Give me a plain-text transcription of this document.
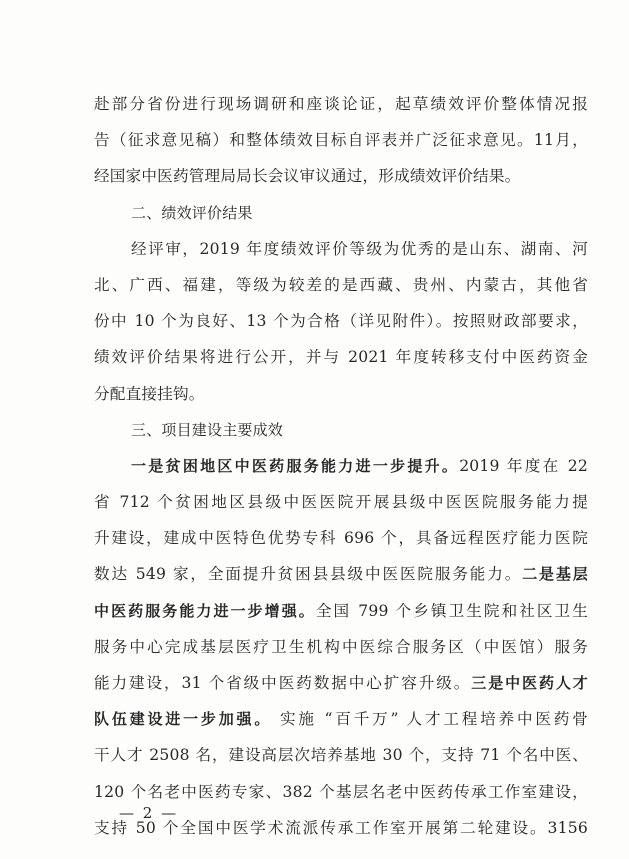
赴部分省份进行现场调研和座谈论证，起草绩效评价整体情况报
告（征求意见稿）和整体绩效目标自评表并广泛征求意见。11月，
经国家中医药管理局局长会议审议通过，形成绩效评价结果。
二、绩效评价结果
经评审，2019 年度绩效评价等级为优秀的是山东、湖南、河
北、广西、福建，等级为较差的是西藏、贵州、内蒙古，其他省
份中 10 个为良好、13 个为合格（详见附件）。按照财政部要求，
绩效评价结果将进行公开，并与 2021 年度转移支付中医药资金
分配直接挂钩。
三、项目建设主要成效
一是贫困地区中医药服务能力进一步提升。2019 年度在 22
省 712 个贫困地区县级中医医院开展县级中医医院服务能力提
升建设，建成中医特色优势专科 696 个，具备远程医疗能力医院
数达 549 家，全面提升贫困县县级中医医院服务能力。二是基层
中医药服务能力进一步增强。全国 799 个乡镇卫生院和社区卫生
服务中心完成基层医疗卫生机构中医综合服务区（中医馆）服务
能力建设，31 个省级中医药数据中心扩容升级。三是中医药人才
队伍建设进一步加强。 实施 “百千万” 人才工程培养中医药骨
干人才 2508 名，建设高层次培养基地 30 个，支持 71 个名中医、
120 个名老中医药专家、382 个基层名老中医药传承工作室建设，
支持 50 个全国中医学术流派传承工作室开展第二轮建设。3156
— 2 —
